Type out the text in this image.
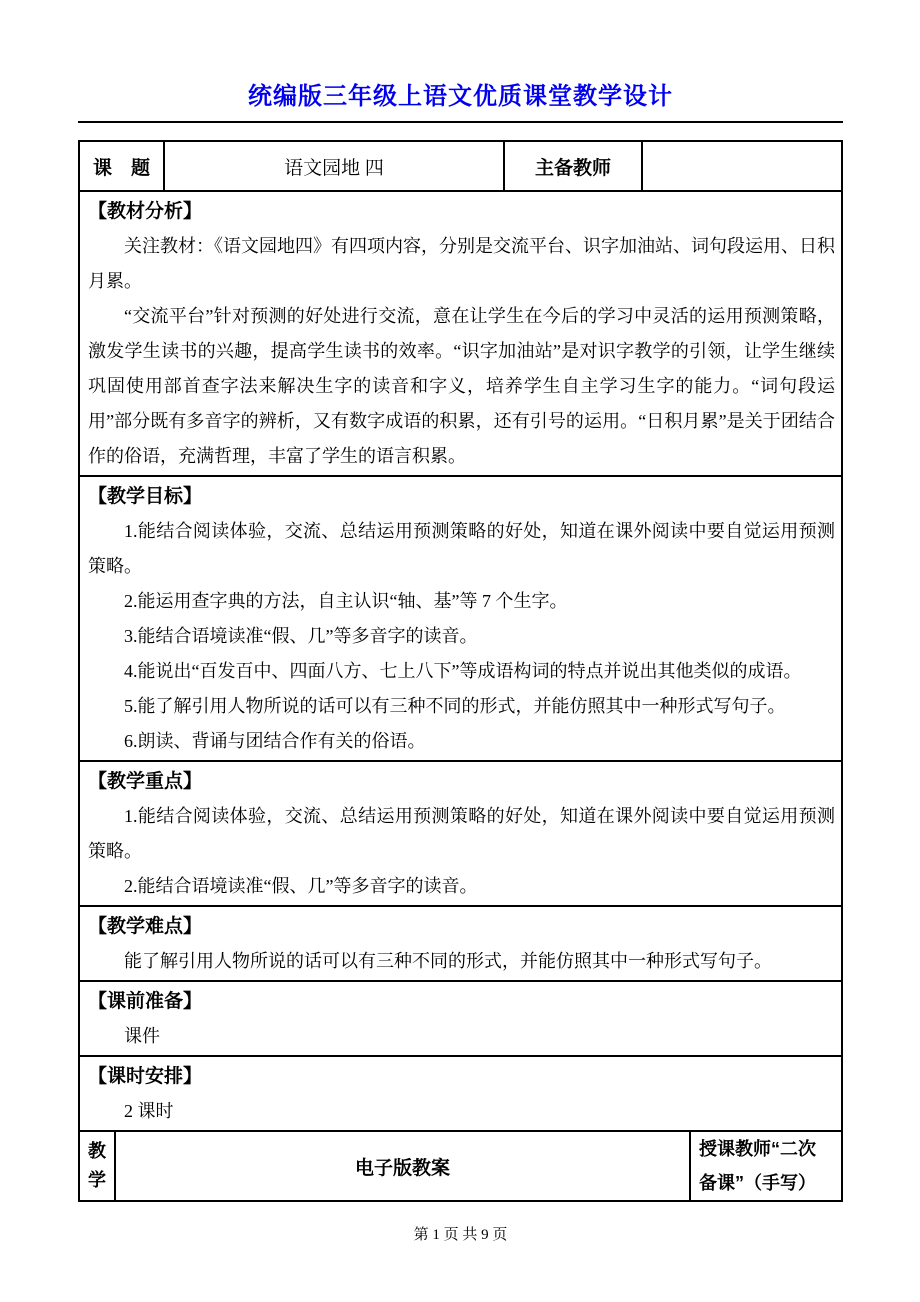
统编版三年级上语文优质课堂教学设计
课　题	语文园地 四	主备教师
【教材分析】

关注教材：《语文园地四》有四项内容，分别是交流平台、识字加油站、词句段运用、日积月累。

“交流平台”针对预测的好处进行交流，意在让学生在今后的学习中灵活的运用预测策略，激发学生读书的兴趣，提高学生读书的效率。“识字加油站”是对识字教学的引领，让学生继续巩固使用部首查字法来解决生字的读音和字义，培养学生自主学习生字的能力。“词句段运用”部分既有多音字的辨析，又有数字成语的积累，还有引号的运用。“日积月累”是关于团结合作的俗语，充满哲理，丰富了学生的语言积累。

【教学目标】

1.能结合阅读体验，交流、总结运用预测策略的好处，知道在课外阅读中要自觉运用预测策略。

2.能运用查字典的方法，自主认识“轴、基”等 7 个生字。

3.能结合语境读准“假、几”等多音字的读音。

4.能说出“百发百中、四面八方、七上八下”等成语构词的特点并说出其他类似的成语。

5.能了解引用人物所说的话可以有三种不同的形式，并能仿照其中一种形式写句子。

6.朗读、背诵与团结合作有关的俗语。

【教学重点】

1.能结合阅读体验，交流、总结运用预测策略的好处，知道在课外阅读中要自觉运用预测策略。

2.能结合语境读准“假、几”等多音字的读音。

【教学难点】

能了解引用人物所说的话可以有三种不同的形式，并能仿照其中一种形式写句子。

【课前准备】

课件

【课时安排】

2 课时

教
学
电子版教案
授课教师“二次备课”（手写）
第 1 页 共 9 页
